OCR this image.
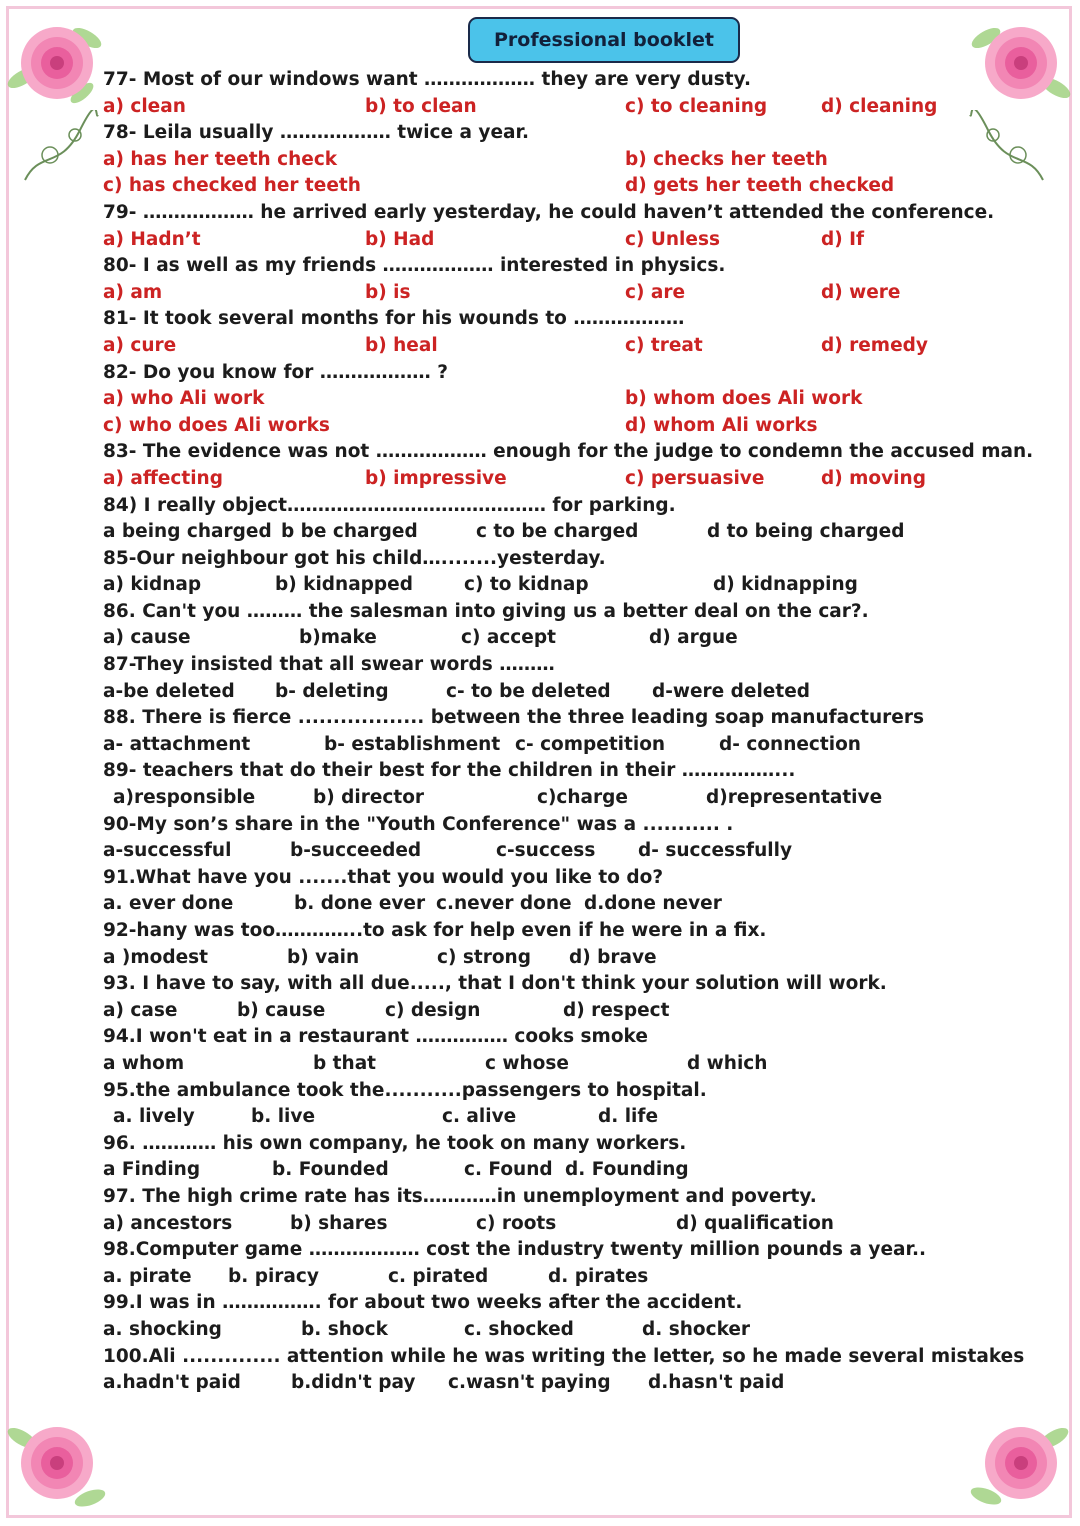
Professional booklet
77- Most of our windows want ……………… they are very dusty.
a) clean	b) to clean	c) to cleaning	d) cleaning
78- Leila usually ……………… twice a year.
a) has her teeth check	b) checks her teeth
c) has checked her teeth	d) gets her teeth checked
79- ……………… he arrived early yesterday, he could haven’t attended the conference.
a) Hadn’t	b) Had	c) Unless	d) If
80- I as well as my friends ……………… interested in physics.
a) am	b) is	c) are	d) were
81- It took several months for his wounds to ………………
a) cure	b) heal	c) treat	d) remedy
82- Do you know for ……………… ?
a) who Ali work	b) whom does Ali work
c) who does Ali works	d) whom Ali works
83- The evidence was not ……………… enough for the judge to condemn the accused man.
a) affecting	b) impressive	c) persuasive	d) moving
84) I really object…………………………………… for parking.
a being charged b be charged	c to be charged	d to being charged
85-Our neighbour got his child…........yesterday.
a) kidnap	b) kidnapped	c) to kidnap	d) kidnapping
86. Can't you ……… the salesman into giving us a better deal on the car?.
a) cause	b)make	c) accept	d) argue
87-They insisted that all swear words ………
a-be deleted b- deleting	c- to be deleted d-were deleted
88. There is fierce .................. between the three leading soap manufacturers
a- attachment	b- establishment c- competition	d- connection
89- teachers that do their best for the children in their ……………...
a)responsible	b) director	c)charge	d)representative
90-My son’s share in the "Youth Conference" was a ........... .
a-successful	b-succeeded	c-success d- successfully
91.What have you .......that you would you like to do?
a. ever done	b. done ever c.never done d.done never
92-hany was too…………..to ask for help even if he were in a fix.
a )modest	b) vain	c) strong d) brave
93. I have to say, with all due....., that I don't think your solution will work.
a) case	b) cause	c) design	d) respect
94.I won't eat in a restaurant …………… cooks smoke
a whom	b that	c whose	d which
95.the ambulance took the...........passengers to hospital.
a. lively	b. live	c. alive	d. life
96. ………… his own company, he took on many workers.
a Finding	b. Founded	c. Found d. Founding
97. The high crime rate has its…………in unemployment and poverty.
a) ancestors	b) shares	c) roots	d) qualification
98.Computer game ……………… cost the industry twenty million pounds a year..
a. pirate b. piracy	c. pirated	d. pirates
99.I was in ……………. for about two weeks after the accident.
a. shocking	b. shock	c. shocked	d. shocker
100.Ali .............. attention while he was writing the letter, so he made several mistakes
a.hadn't paid	b.didn't pay c.wasn't paying d.hasn't paid
